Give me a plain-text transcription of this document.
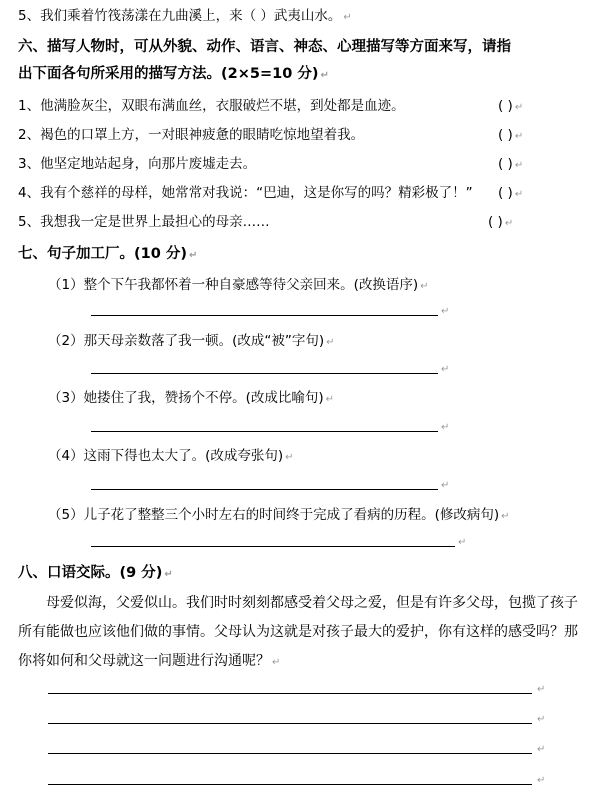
5、我们乘着竹筏荡漾在九曲溪上，来（ ）武夷山水。 ↵
六、描写人物时，可从外貌、动作、语言、神态、心理描写等方面来写，请指
出下面各句所采用的描写方法。(2×5=10 分) ↵
1、他满脸灰尘，双眼布满血丝，衣服破烂不堪，到处都是血迹。	( ) ↵
2、褐色的口罩上方，一对眼神疲惫的眼睛吃惊地望着我。	( ) ↵
3、他坚定地站起身，向那片废墟走去。	( ) ↵
4、我有个慈祥的母样，她常常对我说：“巴迪，这是你写的吗？精彩极了！” ( ) ↵
5、我想我一定是世界上最担心的母亲……	( ) ↵
七、句子加工厂。(10 分) ↵
（1）整个下午我都怀着一种自豪感等待父亲回来。(改换语序) ↵
↵
（2）那天母亲数落了我一顿。(改成“被”字句) ↵
↵
（3）她搂住了我，赞扬个不停。(改成比喻句) ↵
↵
（4）这雨下得也太大了。(改成夸张句) ↵
↵
（5）儿子花了整整三个小时左右的时间终于完成了看病的历程。(修改病句) ↵
↵
八、口语交际。(9 分) ↵
母爱似海，父爱似山。我们时时刻刻都感受着父母之爱，但是有许多父母，包揽了孩子所有能做也应该他们做的事情。父母认为这就是对孩子最大的爱护，你有这样的感受吗？那你将如何和父母就这一问题进行沟通呢？ ↵
↵
↵
↵
↵
